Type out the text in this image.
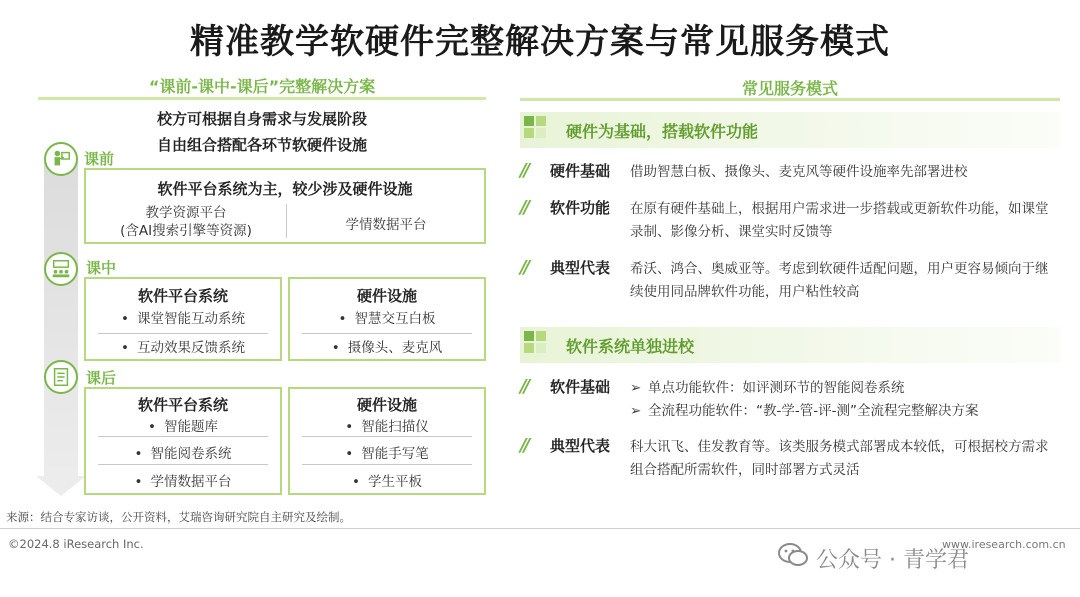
精准教学软硬件完整解决方案与常见服务模式
“课前-课中-课后”完整解决方案
校方可根据自身需求与发展阶段
自由组合搭配各环节软硬件设施
课前
软件平台系统为主，较少涉及硬件设施
教学资源平台
(含AI搜索引擎等资源)	学情数据平台
课中
软件平台系统
• 课堂智能互动系统
• 互动效果反馈系统
硬件设施
• 智慧交互白板
• 摄像头、麦克风
课后
软件平台系统
• 智能题库
• 智能阅卷系统
• 学情数据平台
硬件设施
• 智能扫描仪
• 智能手写笔
• 学生平板
常见服务模式
硬件为基础，搭载软件功能
// 硬件基础 借助智慧白板、摄像头、麦克风等硬件设施率先部署进校
// 软件功能 在原有硬件基础上，根据用户需求进一步搭载或更新软件功能，如课堂录制、影像分析、课堂实时反馈等
// 典型代表 希沃、鸿合、奥威亚等。考虑到软硬件适配问题，用户更容易倾向于继续使用同品牌软件功能，用户粘性较高
软件系统单独进校
// 软件基础 ➢ 单点功能软件：如评测环节的智能阅卷系统
➢ 全流程功能软件：“教-学-管-评-测”全流程完整解决方案
// 典型代表 科大讯飞、佳发教育等。该类服务模式部署成本较低，可根据校方需求组合搭配所需软件，同时部署方式灵活
来源：结合专家访谈，公开资料，艾瑞咨询研究院自主研究及绘制。
©2024.8 iResearch Inc.	www.iresearch.com.cn
公众号 · 青学君
